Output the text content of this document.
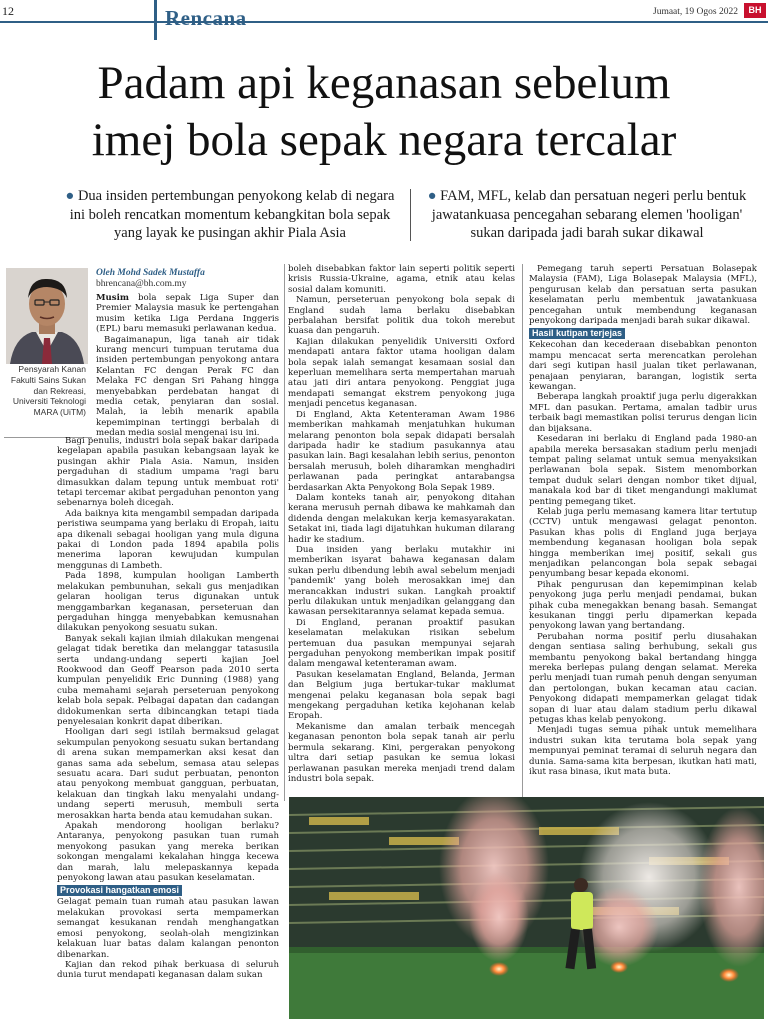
12	Rencana	Jumaat, 19 Ogos 2022	BH
Padam api keganasan sebelum
imej bola sepak negara tercalar
● Dua insiden pertembungan penyokong kelab di negara ini boleh rencatkan momentum kebangkitan bola sepak yang layak ke pusingan akhir Piala Asia
● FAM, MFL, kelab dan persatuan negeri perlu bentuk jawatankuasa pencegahan sebarang elemen 'hooligan' sukan daripada jadi barah sukar dikawal
Pensyarah Kanan Fakulti Sains Sukan dan Rekreasi, Universiti Teknologi MARA (UiTM)
Oleh Mohd Sadek Mustaffa
bhrencana@bh.com.my

Musim bola sepak Liga Super dan Premier Malaysia masuk ke pertengahan musim ketika Liga Perdana Inggeris (EPL) baru memasuki perlawanan kedua.

Bagaimanapun, liga tanah air tidak kurang mencuri tumpuan terutama dua insiden pertembungan penyokong antara Kelantan FC dengan Perak FC dan Melaka FC dengan Sri Pahang hingga menyebabkan perdebatan hangat di media cetak, penyiaran dan sosial. Malah, ia lebih menarik apabila kepemimpinan tertinggi berbalah di medan media sosial mengenai isu ini.

Bagi penulis, industri bola sepak bakar daripada kegelapan apabila pasukan kebangsaan layak ke pusingan akhir Piala Asia. Namun, insiden pergaduhan di stadium umpama 'ragi baru dimasukkan dalam tepung untuk membuat roti' tetapi tercemar akibat pergaduhan penonton yang sebenarnya boleh dicegah.

Ada baiknya kita mengambil sempadan daripada peristiwa seumpama yang berlaku di Eropah, iaitu apa dikenali sebagai hooligan yang mula diguna pakai di London pada 1894 apabila polis menerima laporan kewujudan kumpulan menggunas di Lambeth.

Pada 1898, kumpulan hooligan Lamberth melakukan pembunuhan, sekali gus menjadikan gelaran hooligan terus digunakan untuk menggambarkan keganasan, perseteruan dan pergaduhan hingga menyebabkan kemusnahan dilakukan penyokong sesuatu sukan.

Banyak sekali kajian ilmiah dilakukan mengenai gelagat tidak beretika dan melanggar tatasusila serta undang-undang seperti kajian Joel Rookwood dan Geoff Pearson pada 2010 serta kumpulan penyelidik Eric Dunning (1988) yang cuba memahami sejarah perseteruan penyokong kelab bola sepak. Pelbagai dapatan dan cadangan didokumenkan serta dibincangkan tetapi tiada penyelesaian konkrit dapat diberikan.

Hooligan dari segi istilah bermaksud gelagat sekumpulan penyokong sesuatu sukan bertandang di arena sukan mempamerkan aksi kesat dan ganas sama ada sebelum, semasa atau selepas sesuatu acara. Dari sudut perbuatan, penonton atau penyokong membuat gangguan, perbuatan, kelakuan dan tingkah laku menyalahi undang-undang seperti merusuh, membuli serta merosakkan harta benda atau kemudahan sukan.

Apakah mendorong hooligan berlaku? Antaranya, penyokong pasukan tuan rumah menyokong pasukan yang mereka berikan sokongan mengalami kekalahan hingga kecewa dan marah, lalu melepaskannya kepada penyokong lawan atau pasukan keselamatan.

Provokasi hangatkan emosi

Gelagat pemain tuan rumah atau pasukan lawan melakukan provokasi serta mempamerkan semangat kesukanan rendah menghangatkan emosi penyokong, seolah-olah mengizinkan kelakuan luar batas dalam kalangan penonton dibenarkan.

Kajian dan rekod pihak berkuasa di seluruh dunia turut mendapati keganasan dalam sukan

boleh disebabkan faktor lain seperti politik seperti krisis Russia-Ukraine, agama, etnik atau kelas sosial dalam komuniti.

Namun, perseteruan penyokong bola sepak di England sudah lama berlaku disebabkan perbalahan bersifat politik dua tokoh merebut kuasa dan pengaruh.

Kajian dilakukan penyelidik Universiti Oxford mendapati antara faktor utama hooligan dalam bola sepak ialah semangat kesamaan sosial dan keperluan memelihara serta mempertahan maruah atau jati diri antara penyokong. Penggiat juga mendapati semangat ekstrem penyokong juga menjadi pencetus keganasan.

Di England, Akta Ketenteraman Awam 1986 memberikan mahkamah menjatuhkan hukuman melarang penonton bola sepak didapati bersalah daripada hadir ke stadium pasukannya atau pasukan lain. Bagi kesalahan lebih serius, penonton bersalah merusuh, boleh diharamkan menghadiri perlawanan pada peringkat antarabangsa berdasarkan Akta Penyokong Bola Sepak 1989.

Dalam konteks tanah air, penyokong ditahan kerana merusuh pernah dibawa ke mahkamah dan didenda dengan melakukan kerja kemasyarakatan. Setakat ini, tiada lagi dijatuhkan hukuman dilarang hadir ke stadium.

Dua insiden yang berlaku mutakhir ini memberikan isyarat bahawa keganasan dalam sukan perlu dibendung lebih awal sebelum menjadi 'pandemik' yang boleh merosakkan imej dan merancakkan industri sukan. Langkah proaktif perlu dilakukan untuk menjadikan gelanggang dan kawasan persekitarannya selamat kepada semua.

Di England, peranan proaktif pasukan keselamatan melakukan risikan sebelum pertemuan dua pasukan mempunyai sejarah pergaduhan penyokong memberikan impak positif dalam mengawal ketenteraman awam.

Pasukan keselamatan England, Belanda, Jerman dan Belgium juga bertukar-tukar maklumat mengenai pelaku keganasan bola sepak bagi mengekang pergaduhan ketika kejohanan kelab Eropah.

Mekanisme dan amalan terbaik mencegah keganasan penonton bola sepak tanah air perlu bermula sekarang. Kini, pergerakan penyokong ultra dari setiap pasukan ke semua lokasi perlawanan pasukan mereka menjadi trend dalam industri bola sepak.

Pemegang taruh seperti Persatuan Bolasepak Malaysia (FAM), Liga Bolasepak Malaysia (MFL), pengurusan kelab dan persatuan serta pasukan keselamatan perlu membentuk jawatankuasa pencegahan untuk membendung keganasan penyokong daripada menjadi barah sukar dikawal.

Hasil kutipan terjejas

Kekecohan dan kecederaan disebabkan penonton mampu mencacat serta merencatkan perolehan dari segi kutipan hasil jualan tiket perlawanan, penajaan penyiaran, barangan, logistik serta kewangan.

Beberapa langkah proaktif juga perlu digerakkan MFL dan pasukan. Pertama, amalan tadbir urus terbaik bagi memastikan polisi terurus dengan licin dan bijaksana.

Kesedaran ini berlaku di England pada 1980-an apabila mereka bersasakan stadium perlu menjadi tempat paling selamat untuk semua menyaksikan perlawanan bola sepak. Sistem menomborkan tempat duduk selari dengan nombor tiket dijual, manakala kod bar di tiket mengandungi maklumat penting pemegang tiket.

Kelab juga perlu memasang kamera litar tertutup (CCTV) untuk mengawasi gelagat penonton. Pasukan khas polis di England juga berjaya membendung keganasan hooligan bola sepak hingga memberikan imej positif, sekali gus menjadikan pelancongan bola sepak sebagai penyumbang besar kepada ekonomi.

Pihak pengurusan dan kepemimpinan kelab penyokong juga perlu menjadi pendamai, bukan pihak cuba menegakkan benang basah. Semangat kesukanan tinggi perlu dipamerkan kepada penyokong lawan yang bertandang.

Perubahan norma positif perlu diusahakan dengan sentiasa saling berhubung, sekali gus membantu penyokong bakal bertandang hingga mereka berlepas pulang dengan selamat. Mereka perlu menjadi tuan rumah penuh dengan senyuman dan pertolongan, bukan kecaman atau cacian. Penyokong didapati mempamerkan gelagat tidak sopan di luar atau dalam stadium perlu dikawal petugas khas kelab penyokong.

Menjadi tugas semua pihak untuk memelihara industri sukan kita terutama bola sepak yang mempunyai peminat teramai di seluruh negara dan dunia. Sama-sama kita berpesan, ikutkan hati mati, ikut rasa binasa, ikut mata buta.
